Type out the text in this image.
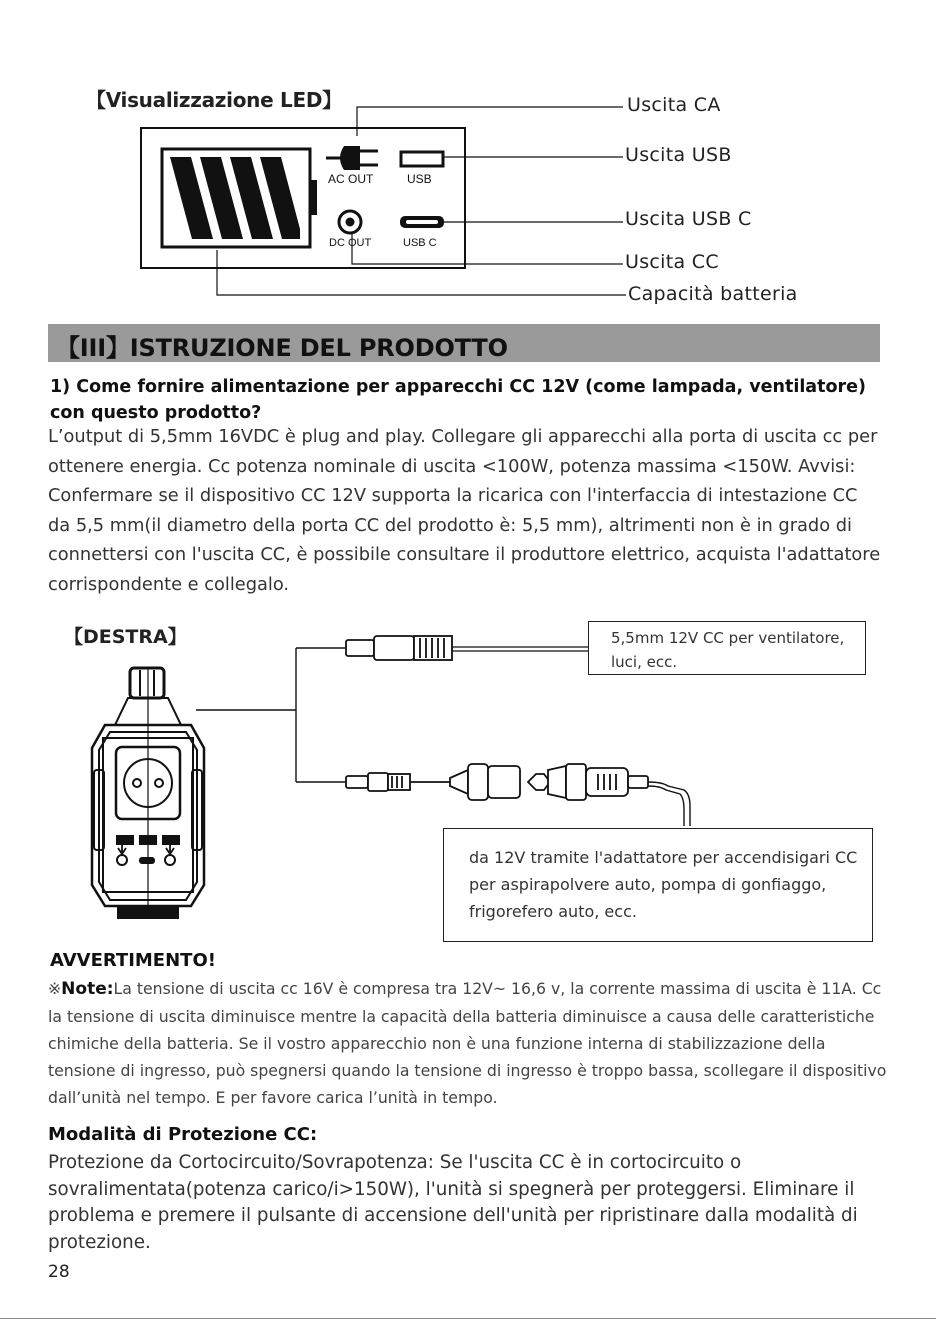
【Visualizzazione LED】
AC OUT	USB
DC OUT	USB C
Uscita CA
Uscita USB
Uscita USB C
Uscita CC
Capacità batteria
【III】ISTRUZIONE DEL PRODOTTO
1) Come fornire alimentazione per apparecchi CC 12V (come lampada, ventilatore) con questo prodotto?
L’output di 5,5mm 16VDC è plug and play. Collegare gli apparecchi alla porta di uscita cc per ottenere energia. Cc potenza nominale di uscita <100W, potenza massima <150W. Avvisi: Confermare se il dispositivo CC 12V supporta la ricarica con l'interfaccia di intestazione CC da 5,5 mm(il diametro della porta CC del prodotto è: 5,5 mm), altrimenti non è in grado di connettersi con l'uscita CC, è possibile consultare il produttore elettrico, acquista l'adattatore corrispondente e collegalo.
【DESTRA】	5,5mm 12V CC per ventilatore, luci, ecc.
da 12V tramite l'adattatore per accendisigari CC per aspirapolvere auto, pompa di gonfiaggo, frigorefero auto, ecc.
AVVERTIMENTO!
※Note:La tensione di uscita cc 16V è compresa tra 12V~ 16,6 v, la corrente massima di uscita è 11A. Cc la tensione di uscita diminuisce mentre la capacità della batteria diminuisce a causa delle caratteristiche chimiche della batteria. Se il vostro apparecchio non è una funzione interna di stabilizzazione della tensione di ingresso, può spegnersi quando la tensione di ingresso è troppo bassa, scollegare il dispositivo dall’unità nel tempo. E per favore carica l’unità in tempo.
Modalità di Protezione CC:
Protezione da Cortocircuito/Sovrapotenza: Se l'uscita CC è in cortocircuito o sovralimentata(potenza carico/i>150W), l'unità si spegnerà per proteggersi. Eliminare il problema e premere il pulsante di accensione dell'unità per ripristinare dalla modalità di protezione.
28
